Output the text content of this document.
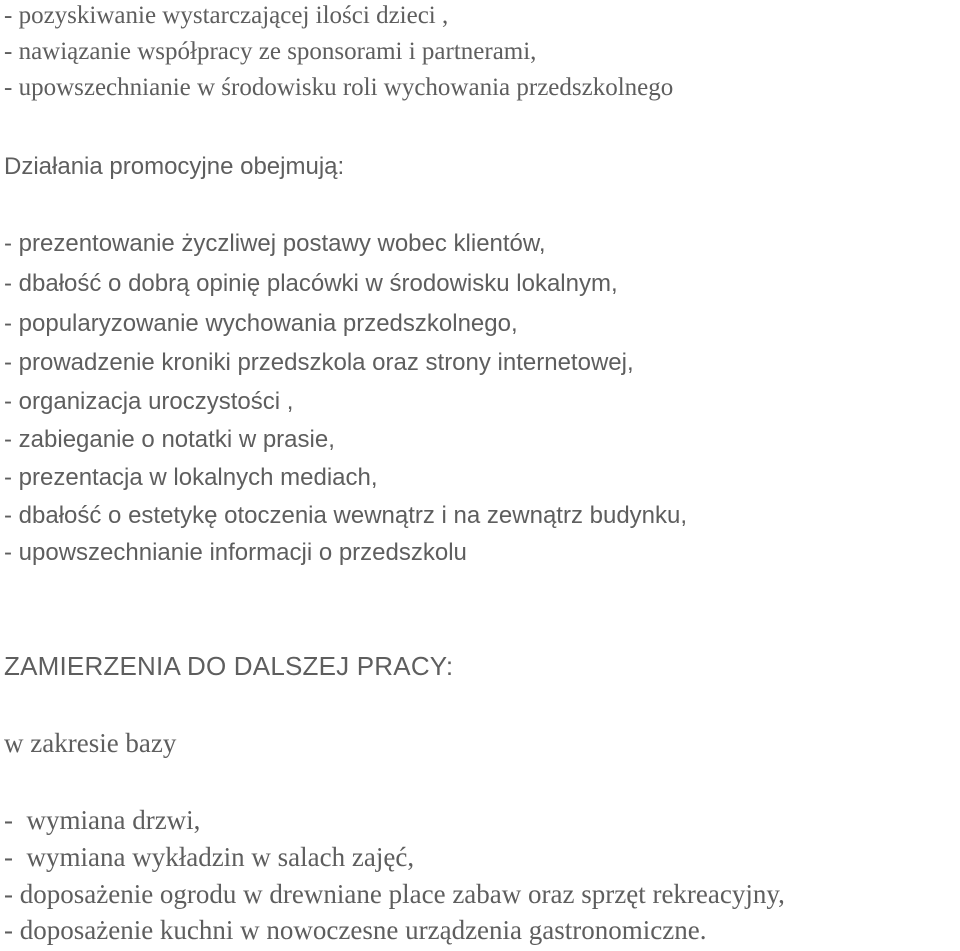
- pozyskiwanie wystarczającej ilości dzieci ,

- nawiązanie współpracy ze sponsorami i partnerami,

- upowszechnianie w środowisku roli wychowania przedszkolnego

Działania promocyjne obejmują:

- prezentowanie życzliwej postawy wobec klientów,

- dbałość o dobrą opinię placówki w środowisku lokalnym,

- popularyzowanie wychowania przedszkolnego,

- prowadzenie kroniki przedszkola oraz strony internetowej,

- organizacja uroczystości ,

- zabieganie o notatki w prasie,

- prezentacja w lokalnych mediach,

- dbałość o estetykę otoczenia wewnątrz i na zewnątrz budynku,

- upowszechnianie informacji o przedszkolu

ZAMIERZENIA DO DALSZEJ PRACY:

w zakresie bazy

-  wymiana drzwi,

-  wymiana wykładzin w salach zajęć,

- doposażenie ogrodu w drewniane place zabaw oraz sprzęt rekreacyjny,

- doposażenie kuchni w nowoczesne urządzenia gastronomiczne.
